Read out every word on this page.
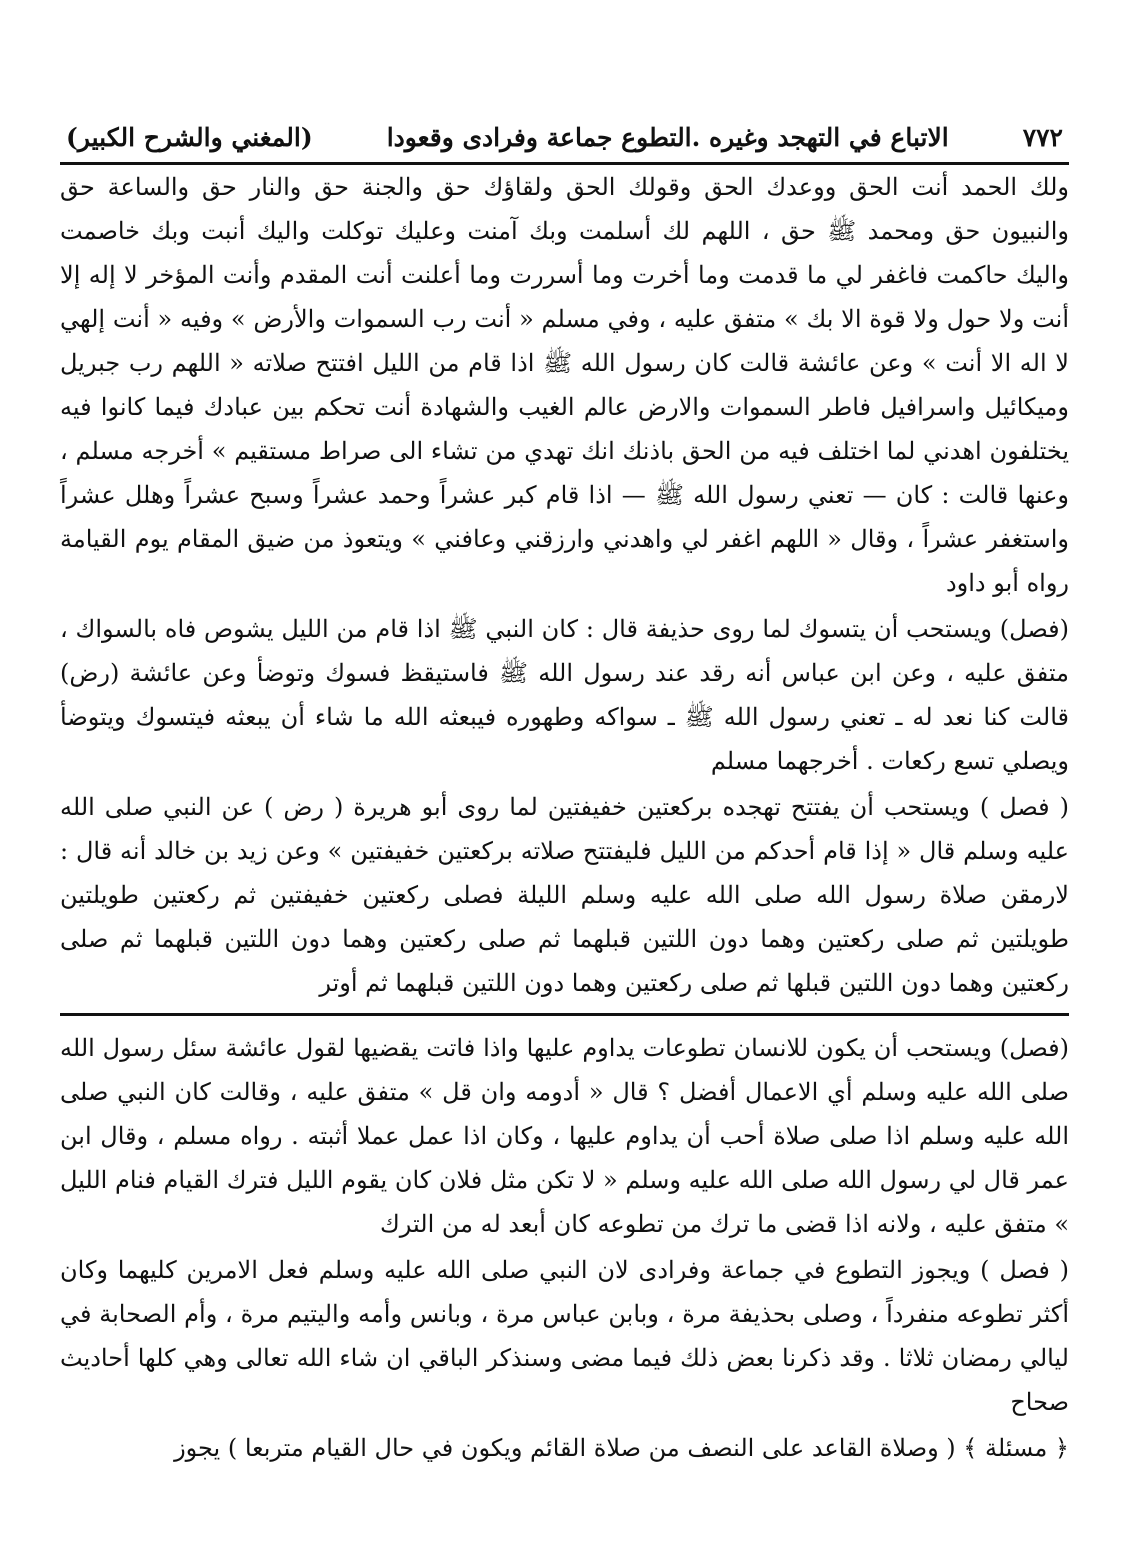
٧٧٢
الاتباع في التهجد وغيره .التطوع جماعة وفرادى وقعودا
(المغني والشرح الكبير)

ولك الحمد أنت الحق ووعدك الحق وقولك الحق ولقاؤك حق والجنة حق والنار حق والساعة حق والنبيون حق ومحمد ﷺ حق ، اللهم لك أسلمت وبك آمنت وعليك توكلت واليك أنبت وبك خاصمت واليك حاكمت فاغفر لي ما قدمت وما أخرت وما أسررت وما أعلنت أنت المقدم وأنت المؤخر لا إله إلا أنت ولا حول ولا قوة الا بك » متفق عليه ، وفي مسلم « أنت رب السموات والأرض » وفيه « أنت إلهي لا اله الا أنت » وعن عائشة قالت كان رسول الله ﷺ اذا قام من الليل افتتح صلاته « اللهم رب جبريل وميكائيل واسرافيل فاطر السموات والارض عالم الغيب والشهادة أنت تحكم بين عبادك فيما كانوا فيه يختلفون اهدني لما اختلف فيه من الحق باذنك انك تهدي من تشاء الى صراط مستقيم » أخرجه مسلم ، وعنها قالت : كان — تعني رسول الله ﷺ — اذا قام كبر عشراً وحمد عشراً وسبح عشراً وهلل عشراً واستغفر عشراً ، وقال « اللهم اغفر لي واهدني وارزقني وعافني » ويتعوذ من ضيق المقام يوم القيامة رواه أبو داود

(فصل) ويستحب أن يتسوك لما روى حذيفة قال : كان النبي ﷺ اذا قام من الليل يشوص فاه بالسواك ، متفق عليه ، وعن ابن عباس أنه رقد عند رسول الله ﷺ فاستيقظ فسوك وتوضأ وعن عائشة (رض) قالت كنا نعد له ـ تعني رسول الله ﷺ ـ سواكه وطهوره فيبعثه الله ما شاء أن يبعثه فيتسوك ويتوضأ ويصلي تسع ركعات . أخرجهما مسلم

( فصل ) ويستحب أن يفتتح تهجده بركعتين خفيفتين لما روى أبو هريرة ( رض ) عن النبي صلى الله عليه وسلم قال « إذا قام أحدكم من الليل فليفتتح صلاته بركعتين خفيفتين » وعن زيد بن خالد أنه قال : لارمقن صلاة رسول الله صلى الله عليه وسلم الليلة فصلى ركعتين خفيفتين ثم ركعتين طويلتين طويلتين ثم صلى ركعتين وهما دون اللتين قبلهما ثم صلى ركعتين وهما دون اللتين قبلهما ثم صلى ركعتين وهما دون اللتين قبلها ثم صلى ركعتين وهما دون اللتين قبلهما ثم أوتر

(فصل) ويستحب أن يكون للانسان تطوعات يداوم عليها واذا فاتت يقضيها لقول عائشة سئل رسول الله صلى الله عليه وسلم أي الاعمال أفضل ؟ قال « أدومه وان قل » متفق عليه ، وقالت كان النبي صلى الله عليه وسلم اذا صلى صلاة أحب أن يداوم عليها ، وكان اذا عمل عملا أثبته . رواه مسلم ، وقال ابن عمر قال لي رسول الله صلى الله عليه وسلم « لا تكن مثل فلان كان يقوم الليل فترك القيام فنام الليل » متفق عليه ، ولانه اذا قضى ما ترك من تطوعه كان أبعد له من الترك

( فصل ) ويجوز التطوع في جماعة وفرادى لان النبي صلى الله عليه وسلم فعل الامرين كليهما وكان أكثر تطوعه منفرداً ، وصلى بحذيفة مرة ، وبابن عباس مرة ، وبانس وأمه واليتيم مرة ، وأم الصحابة في ليالي رمضان ثلاثا . وقد ذكرنا بعض ذلك فيما مضى وسنذكر الباقي ان شاء الله تعالى وهي كلها أحاديث صحاح

﴿ مسئلة ﴾ ( وصلاة القاعد على النصف من صلاة القائم ويكون في حال القيام متربعا ) يجوز
